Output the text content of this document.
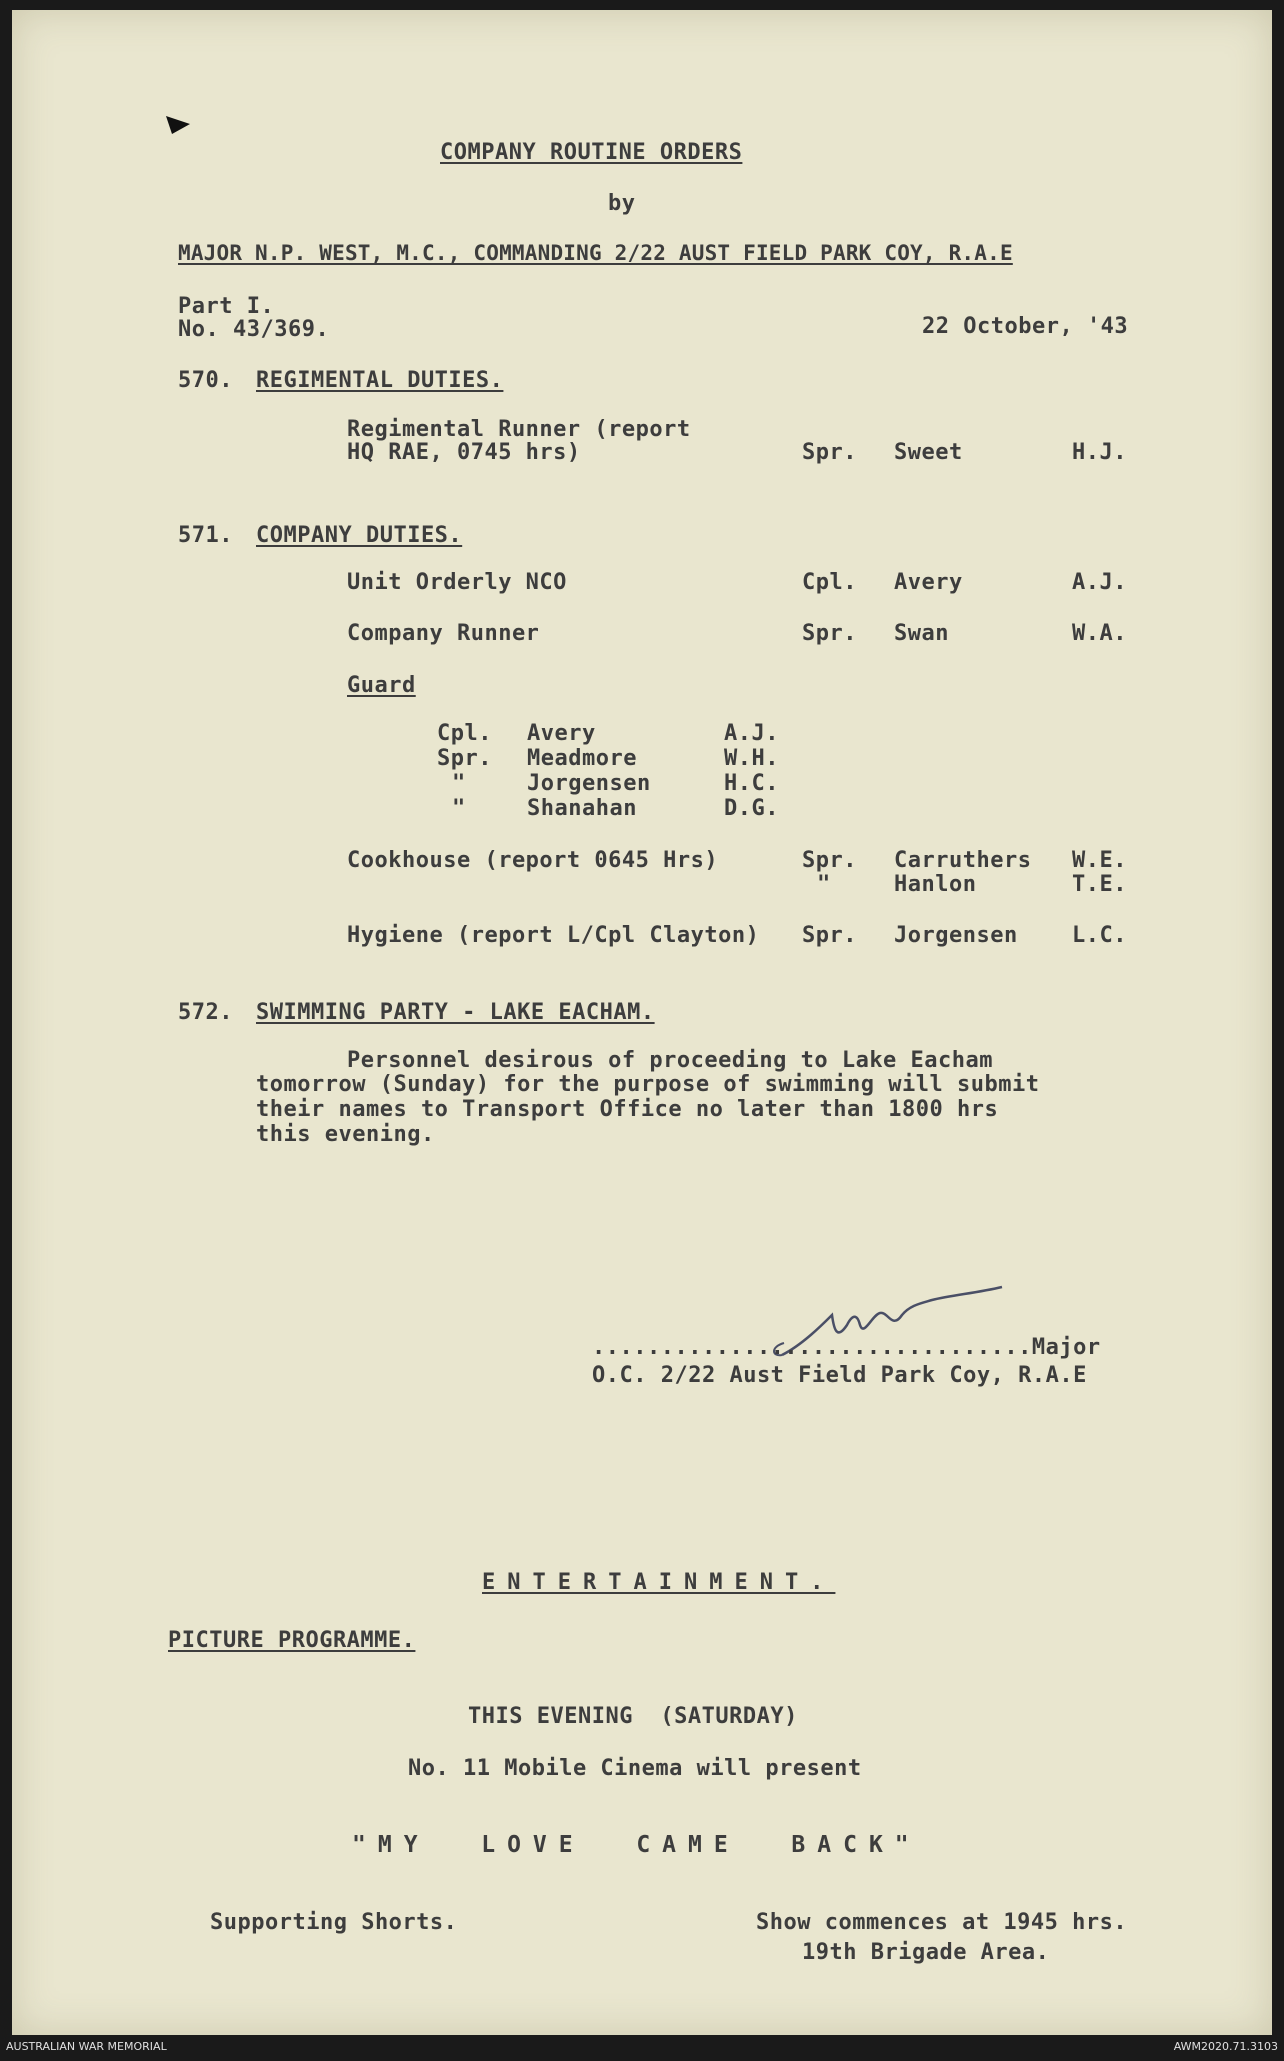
COMPANY ROUTINE ORDERS
by
MAJOR N.P. WEST, M.C., COMMANDING 2/22 AUST FIELD PARK COY, R.A.E
Part I.
No. 43/369.	22 October, '43
570. REGIMENTAL DUTIES.
Regimental Runner (report
HQ RAE, 0745 hrs)	Spr. Sweet	H.J.
571. COMPANY DUTIES.
Unit Orderly NCO	Cpl. Avery	A.J.
Company Runner	Spr. Swan	W.A.
Guard
Cpl. Avery	A.J.
Spr. Meadmore	W.H.
"	Jorgensen	H.C.
"	Shanahan	D.G.
Cookhouse (report 0645 Hrs)	Spr. Carruthers W.E.
"	Hanlon	T.E.
Hygiene (report L/Cpl Clayton) Spr. Jorgensen L.C.
572. SWIMMING PARTY - LAKE EACHAM.
Personnel desirous of proceeding to Lake Eacham
tomorrow (Sunday) for the purpose of swimming will submit
their names to Transport Office no later than 1800 hrs
this evening.
................................Major
O.C. 2/22 Aust Field Park Coy, R.A.E
ENTERTAINMENT.
PICTURE PROGRAMME.
THIS EVENING  (SATURDAY)
No. 11 Mobile Cinema will present
"MY  LOVE  CAME  BACK"
Supporting Shorts.	Show commences at 1945 hrs.
19th Brigade Area.
AUSTRALIAN WAR MEMORIAL	AWM2020.71.3103
